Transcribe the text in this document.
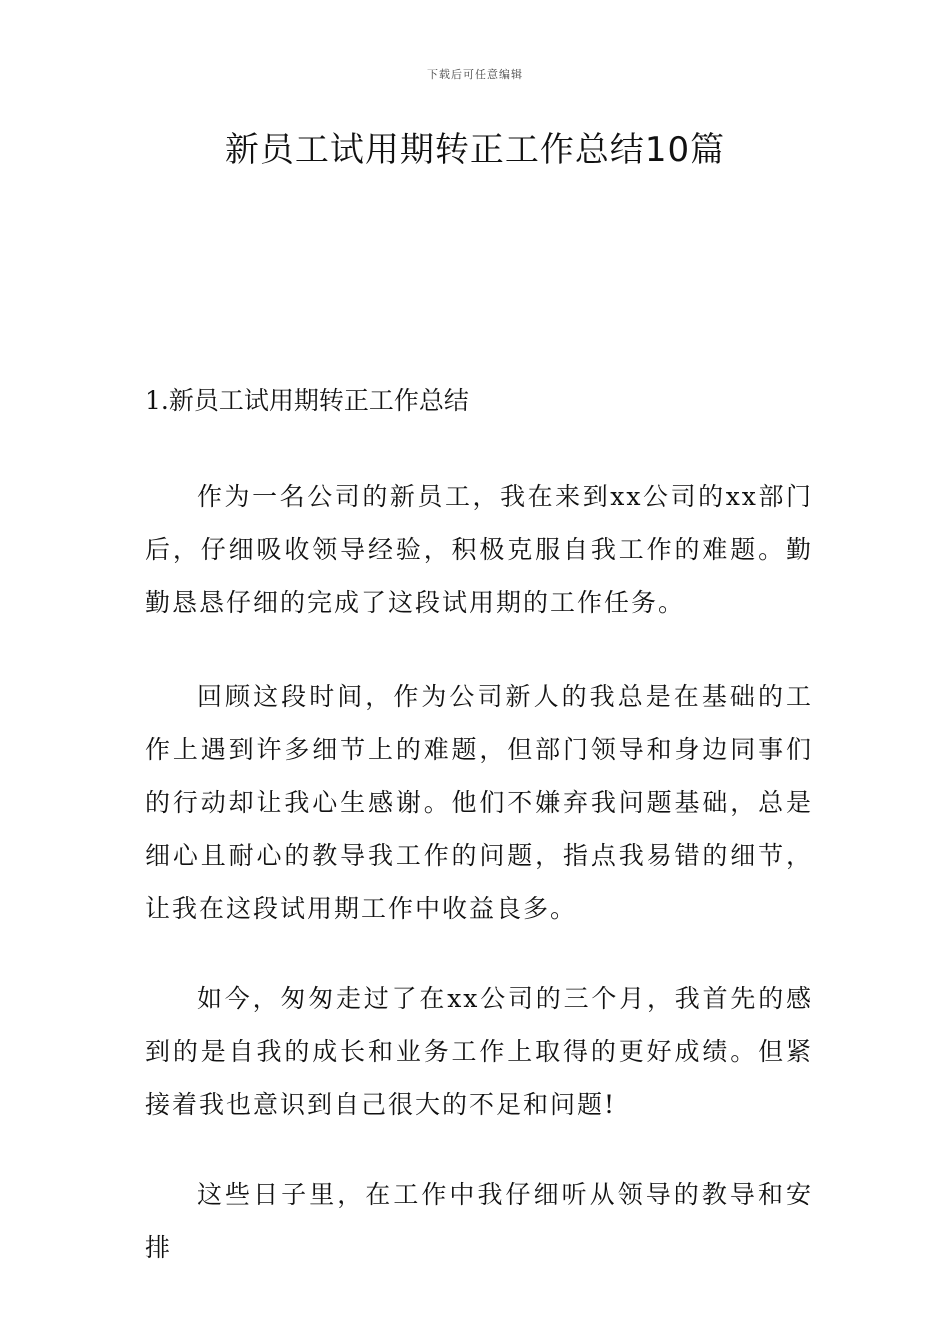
下载后可任意编辑
新员工试用期转正工作总结10篇
1.新员工试用期转正工作总结

作为一名公司的新员工，我在来到xx公司的xx部门后，仔细吸收领导经验，积极克服自我工作的难题。勤勤恳恳仔细的完成了这段试用期的工作任务。

回顾这段时间，作为公司新人的我总是在基础的工作上遇到许多细节上的难题，但部门领导和身边同事们的行动却让我心生感谢。他们不嫌弃我问题基础，总是细心且耐心的教导我工作的问题，指点我易错的细节，让我在这段试用期工作中收益良多。

如今，匆匆走过了在xx公司的三个月，我首先的感到的是自我的成长和业务工作上取得的更好成绩。但紧接着我也意识到自己很大的不足和问题!

这些日子里，在工作中我仔细听从领导的教导和安排
